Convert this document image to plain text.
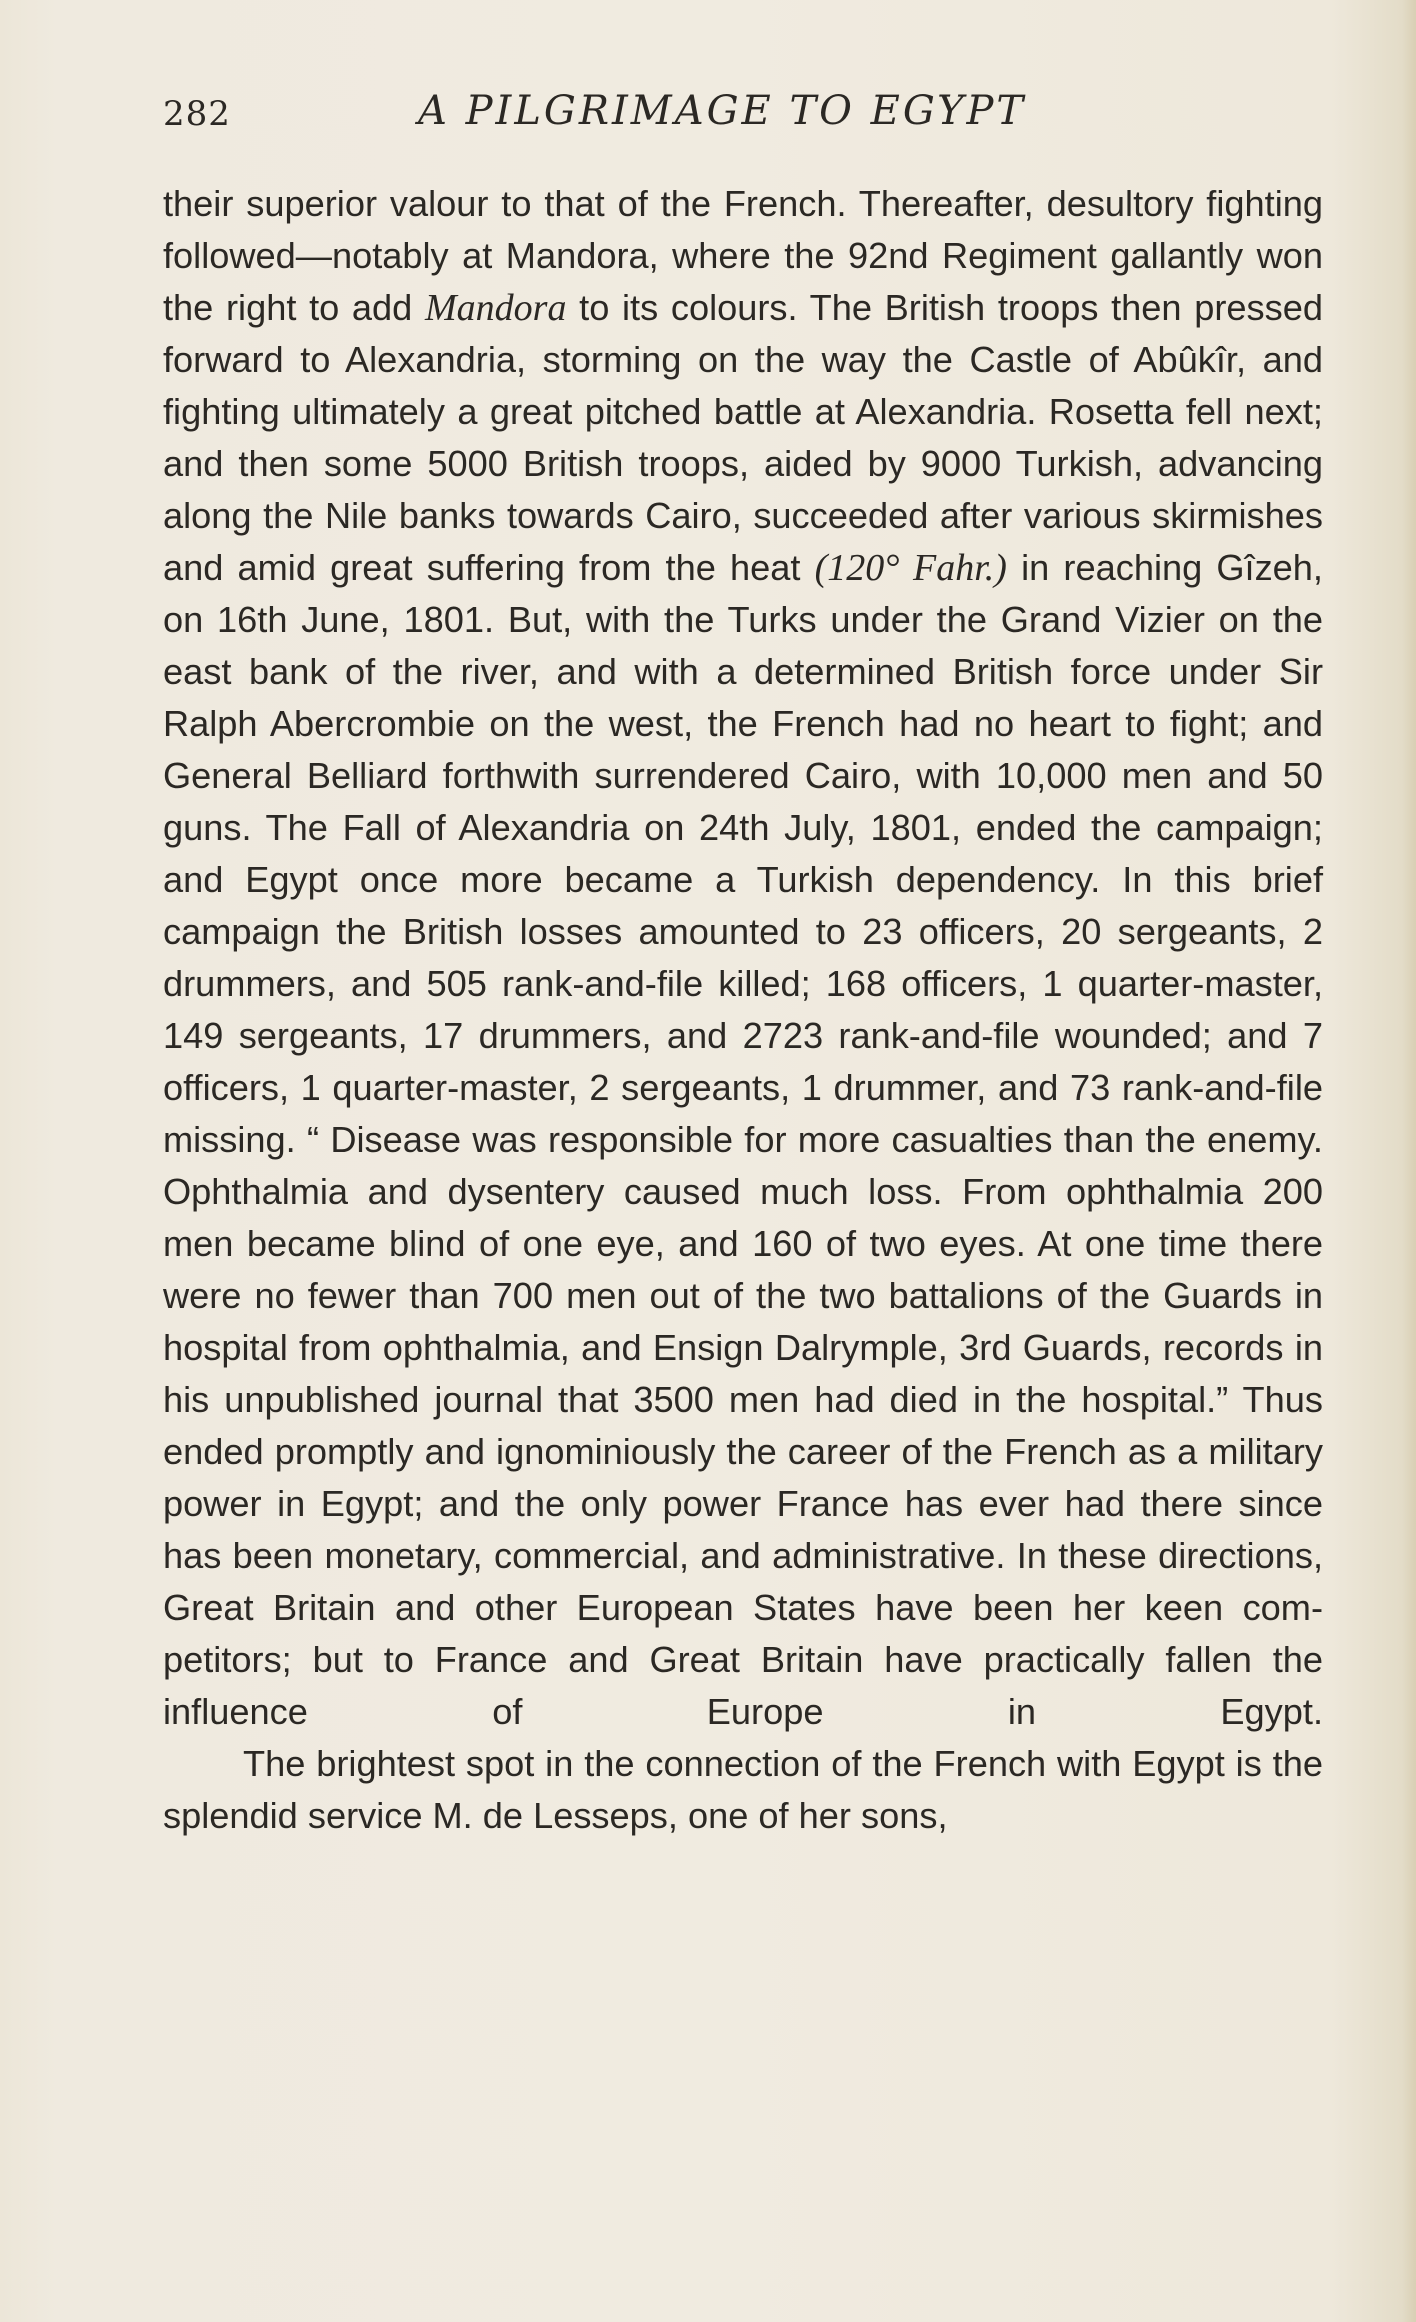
282	A PILGRIMAGE TO EGYPT

their superior valour to that of the French. Thereafter, desultory fighting followed—notably at Mandora, where the 92nd Regiment gallantly won the right to add Mandora to its colours. The British troops then pressed forward to Alexandria, storming on the way the Castle of Abûkîr, and fighting ultimately a great pitched battle at Alexandria. Rosetta fell next; and then some 5000 British troops, aided by 9000 Turkish, advancing along the Nile banks towards Cairo, succeeded after various skirmishes and amid great suffering from the heat (120° Fahr.) in reaching Gîzeh, on 16th June, 1801. But, with the Turks under the Grand Vizier on the east bank of the river, and with a determined British force under Sir Ralph Abercrombie on the west, the French had no heart to fight; and General Belliard forthwith surrendered Cairo, with 10,000 men and 50 guns. The Fall of Alexandria on 24th July, 1801, ended the campaign; and Egypt once more became a Turkish dependency. In this brief campaign the British losses amounted to 23 officers, 20 sergeants, 2 drummers, and 505 rank-and-file killed; 168 officers, 1 quarter-master, 149 sergeants, 17 drummers, and 2723 rank-and-file wounded; and 7 officers, 1 quarter-master, 2 sergeants, 1 drummer, and 73 rank-and-file missing. “ Disease was responsible for more casualties than the enemy. Ophthalmia and dysentery caused much loss. From ophthalmia 200 men became blind of one eye, and 160 of two eyes. At one time there were no fewer than 700 men out of the two battalions of the Guards in hospital from ophthalmia, and Ensign Dalrymple, 3rd Guards, records in his unpublished journal that 3500 men had died in the hospital.” Thus ended promptly and ignominiously the career of the French as a military power in Egypt; and the only power France has ever had there since has been monetary, commercial, and administrative. In these directions, Great Britain and other European States have been her keen competitors; but to France and Great Britain have practically fallen the influence of Europe in Egypt.

The brightest spot in the connection of the French with Egypt is the splendid service M. de Lesseps, one of her sons,
